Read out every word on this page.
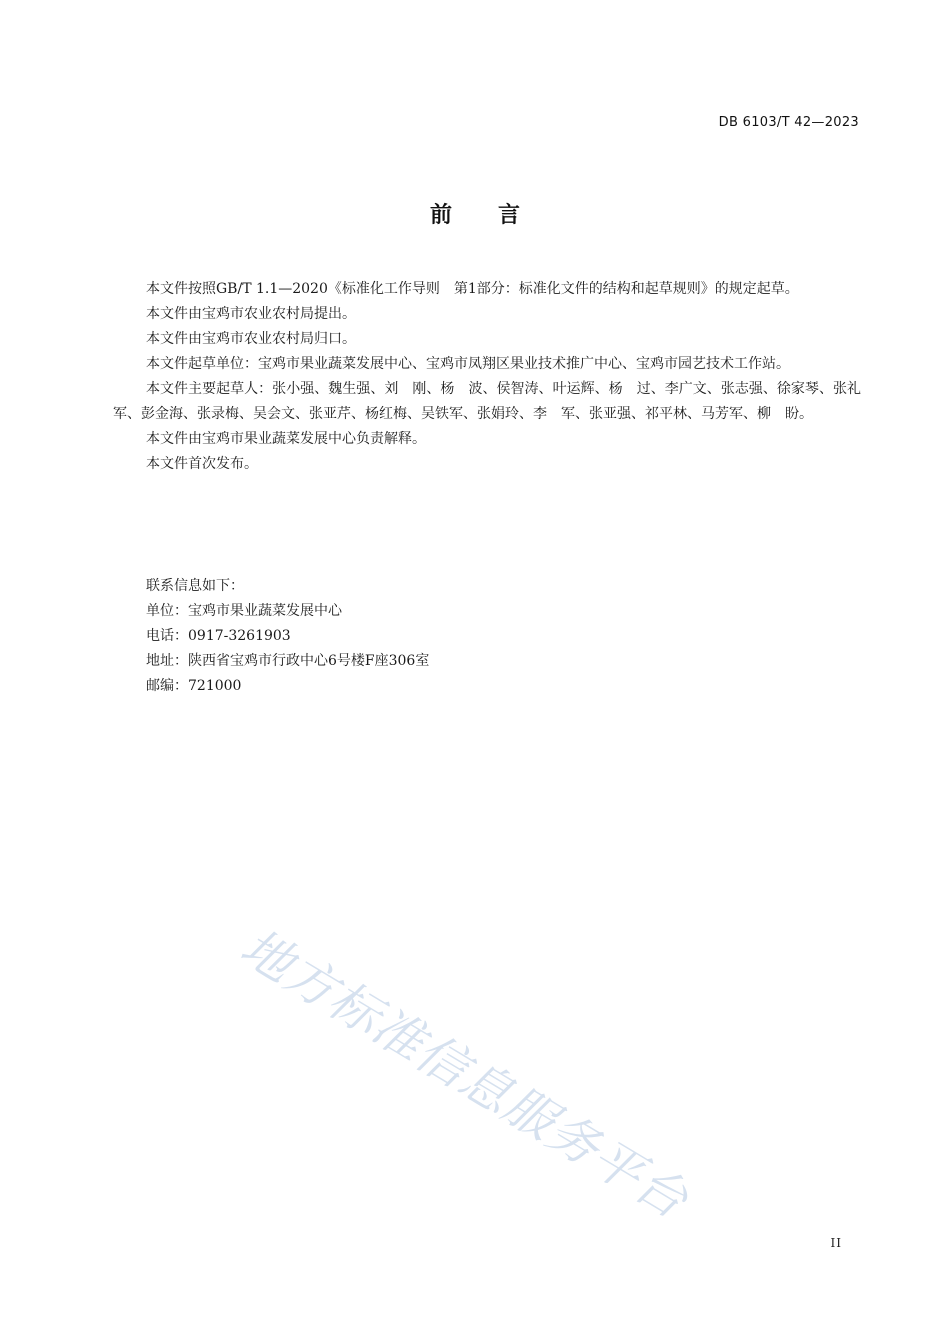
DB 6103/T 42—2023
前言

本文件按照GB/T 1.1—2020《标准化工作导则　第1部分：标准化文件的结构和起草规则》的规定起草。

本文件由宝鸡市农业农村局提出。

本文件由宝鸡市农业农村局归口。

本文件起草单位：宝鸡市果业蔬菜发展中心、宝鸡市凤翔区果业技术推广中心、宝鸡市园艺技术工作站。

本文件主要起草人：张小强、魏生强、刘　刚、杨　波、侯智涛、叶运辉、杨　过、李广文、张志强、徐家琴、张礼军、彭金海、张录梅、吴会文、张亚芹、杨红梅、吴铁军、张娟玲、李　军、张亚强、祁平林、马芳军、柳　盼。

本文件由宝鸡市果业蔬菜发展中心负责解释。

本文件首次发布。

联系信息如下：

单位：宝鸡市果业蔬菜发展中心

电话：0917-3261903

地址：陕西省宝鸡市行政中心6号楼F座306室

邮编：721000

地方标准信息服务平台
II
